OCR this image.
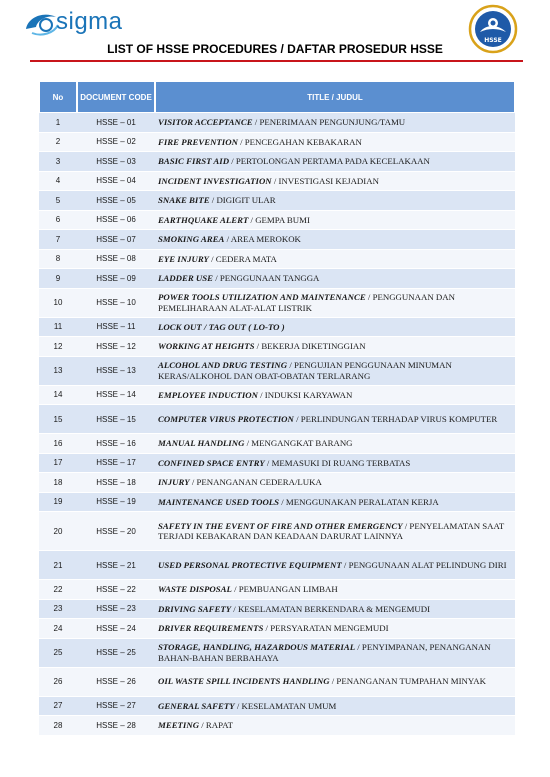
sigma
HSSE
LIST OF HSSE PROCEDURES / DAFTAR PROSEDUR HSSE
No	DOCUMENT CODE	TITLE / JUDUL
1	HSSE – 01	VISITOR ACCEPTANCE / PENERIMAAN PENGUNJUNG/TAMU
2	HSSE – 02	FIRE PREVENTION / PENCEGAHAN KEBAKARAN
3	HSSE – 03	BASIC FIRST AID / PERTOLONGAN PERTAMA PADA KECELAKAAN
4	HSSE – 04	INCIDENT INVESTIGATION / INVESTIGASI KEJADIAN
5	HSSE – 05	SNAKE BITE / DIGIGIT ULAR
6	HSSE – 06	EARTHQUAKE ALERT / GEMPA BUMI
7	HSSE – 07	SMOKING AREA / AREA MEROKOK
8	HSSE – 08	EYE INJURY / CEDERA MATA
9	HSSE – 09	LADDER USE / PENGGUNAAN TANGGA
10	HSSE – 10	POWER TOOLS UTILIZATION AND MAINTENANCE / PENGGUNAAN DAN PEMELIHARAAN ALAT-ALAT LISTRIK
11	HSSE – 11	LOCK OUT / TAG OUT ( LO-TO )
12	HSSE – 12	WORKING AT HEIGHTS / BEKERJA DIKETINGGIAN
13	HSSE – 13	ALCOHOL AND DRUG TESTING / PENGUJIAN PENGGUNAAN MINUMAN KERAS/ALKOHOL DAN OBAT-OBATAN TERLARANG
14	HSSE – 14	EMPLOYEE INDUCTION / INDUKSI KARYAWAN
15	HSSE – 15	COMPUTER VIRUS PROTECTION / PERLINDUNGAN TERHADAP VIRUS KOMPUTER
16	HSSE – 16	MANUAL HANDLING / MENGANGKAT BARANG
17	HSSE – 17	CONFINED SPACE ENTRY / MEMASUKI DI RUANG TERBATAS
18	HSSE – 18	INJURY / PENANGANAN CEDERA/LUKA
19	HSSE – 19	MAINTENANCE USED TOOLS / MENGGUNAKAN PERALATAN KERJA
20	HSSE – 20	SAFETY IN THE EVENT OF FIRE AND OTHER EMERGENCY / PENYELAMATAN SAAT TERJADI KEBAKARAN DAN KEADAAN DARURAT LAINNYA
21	HSSE – 21	USED PERSONAL PROTECTIVE EQUIPMENT / PENGGUNAAN ALAT PELINDUNG DIRI
22	HSSE – 22	WASTE DISPOSAL / PEMBUANGAN LIMBAH
23	HSSE – 23	DRIVING SAFETY / KESELAMATAN BERKENDARA & MENGEMUDI
24	HSSE – 24	DRIVER REQUIREMENTS / PERSYARATAN MENGEMUDI
25	HSSE – 25	STORAGE, HANDLING, HAZARDOUS MATERIAL / PENYIMPANAN, PENANGANAN BAHAN-BAHAN BERBAHAYA
26	HSSE – 26	OIL WASTE SPILL INCIDENTS HANDLING / PENANGANAN TUMPAHAN MINYAK
27	HSSE – 27	GENERAL SAFETY / KESELAMATAN UMUM
28	HSSE – 28	MEETING / RAPAT
